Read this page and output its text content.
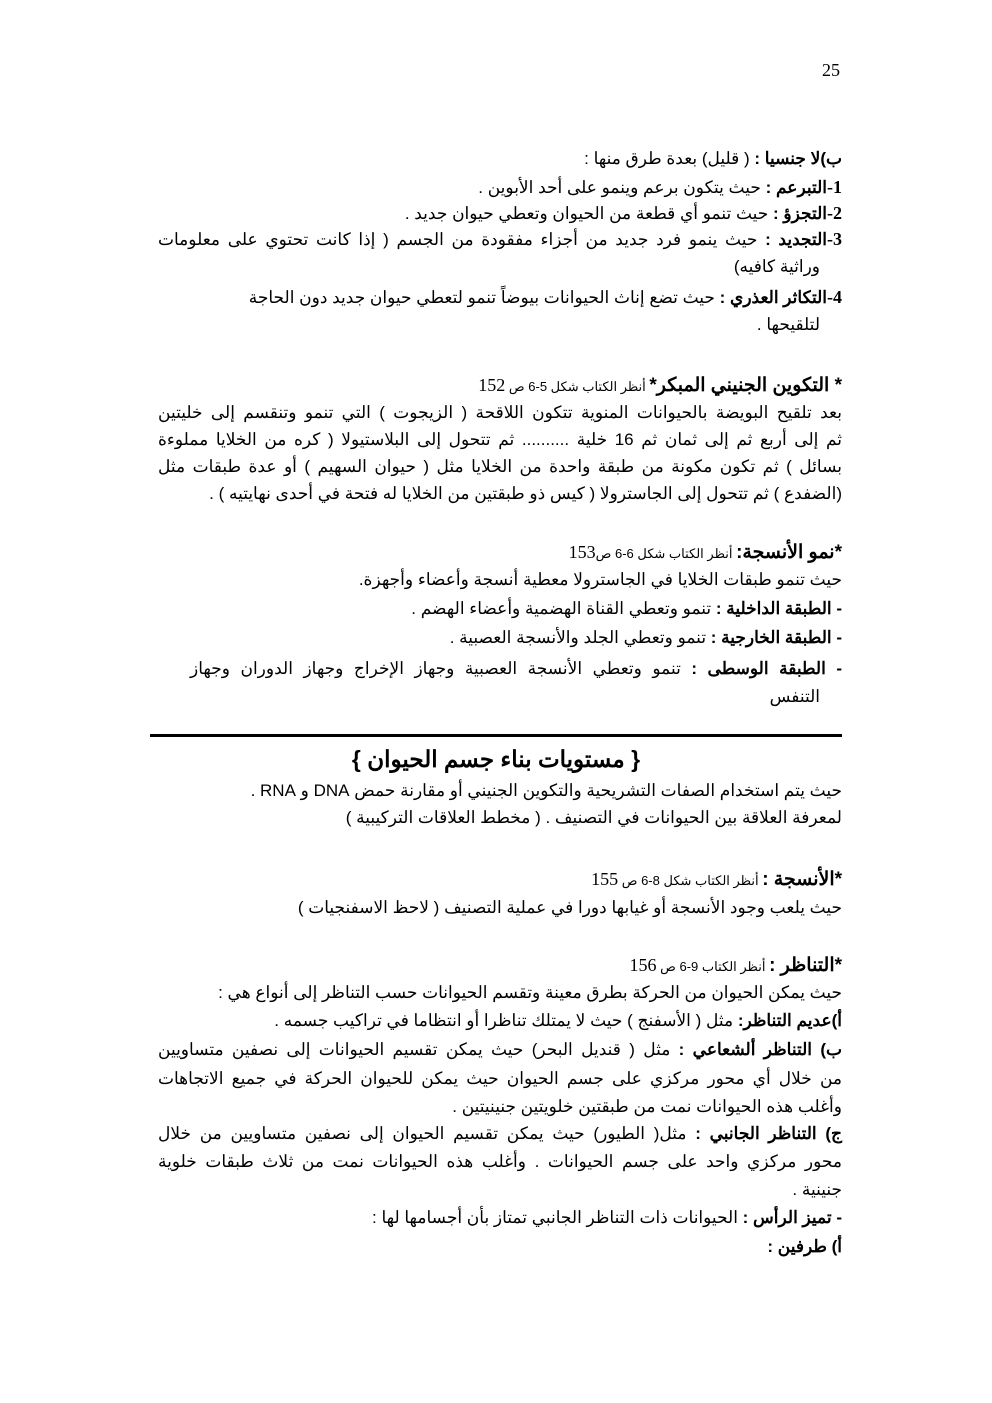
25
ب)لا جنسيا : ( قليل) بعدة طرق منها :
1-التبرعم : حيث يتكون برعم وينمو على أحد الأبوين .
2-التجزؤ : حيث تنمو أي قطعة من الحيوان وتعطي حيوان جديد .
3-التجديد : حيث ينمو فرد جديد من أجزاء مفقودة من الجسم ( إذا كانت تحتوي على معلومات
وراثية كافيه)
4-التكاثر العذري : حيث تضع إناث الحيوانات بيوضاً تنمو لتعطي حيوان جديد دون الحاجة
لتلقيحها .
* التكوين الجنيني المبكر* أنظر الكتاب شكل 5-6 ص 152
بعد تلقيح البويضة بالحيوانات المنوية تتكون اللاقحة ( الزيجوت ) التي تنمو وتنقسم إلى خليتين
ثم إلى أربع ثم إلى ثمان ثم 16 خلية .......... ثم تتحول إلى البلاستيولا ( كره من الخلايا مملوءة
بسائل ) ثم تكون مكونة من طبقة واحدة من الخلايا مثل ( حيوان السهيم ) أو عدة طبقات مثل
(الضفدع ) ثم تتحول إلى الجاسترولا ( كيس ذو طبقتين من الخلايا له فتحة في أحدى نهايتيه ) .
*نمو الأنسجة: أنظر الكتاب شكل 6-6 ص153
حيث تنمو طبقات الخلايا في الجاسترولا معطية أنسجة وأعضاء وأجهزة.
- الطبقة الداخلية : تنمو وتعطي القناة الهضمية وأعضاء الهضم .
- الطبقة الخارجية : تنمو وتعطي الجلد والأنسجة العصبية .
- الطبقة الوسطى : تنمو وتعطي الأنسجة العصبية وجهاز الإخراج وجهاز الدوران وجهاز
التنفس
حيث يتم استخدام الصفات التشريحية والتكوين الجنيني أو مقارنة حمض DNA و RNA .
لمعرفة العلاقة بين الحيوانات في التصنيف . ( مخطط العلاقات التركيبية )
*الأنسجة : أنظر الكتاب شكل 8-6 ص 155
حيث يلعب وجود الأنسجة أو غيابها دورا في عملية التصنيف ( لاحظ الاسفنجيات )
*التناظر : أنظر الكتاب 9-6 ص 156
حيث يمكن الحيوان من الحركة بطرق معينة وتقسم الحيوانات حسب التناظر إلى أنواع هي :
أ)عديم التناظر: مثل ( الأسفنج ) حيث لا يمتلك تناظرا أو انتظاما في تراكيب جسمه .
ب) التناظر ألشعاعي : مثل ( قنديل البحر) حيث يمكن تقسيم الحيوانات إلى نصفين متساويين
من خلال أي محور مركزي على جسم الحيوان حيث يمكن للحيوان الحركة في جميع الاتجاهات
وأغلب هذه الحيوانات نمت من طبقتين خلويتين جنينيتين .
ج) التناظر الجانبي : مثل( الطيور) حيث يمكن تقسيم الحيوان إلى نصفين متساويين من خلال
محور مركزي واحد على جسم الحيوانات . وأغلب هذه الحيوانات نمت من ثلاث طبقات خلوية
جنينية .
- تميز الرأس : الحيوانات ذات التناظر الجانبي تمتاز بأن أجسامها لها :
أ) طرفين :
{ مستويات بناء جسم الحيوان }
